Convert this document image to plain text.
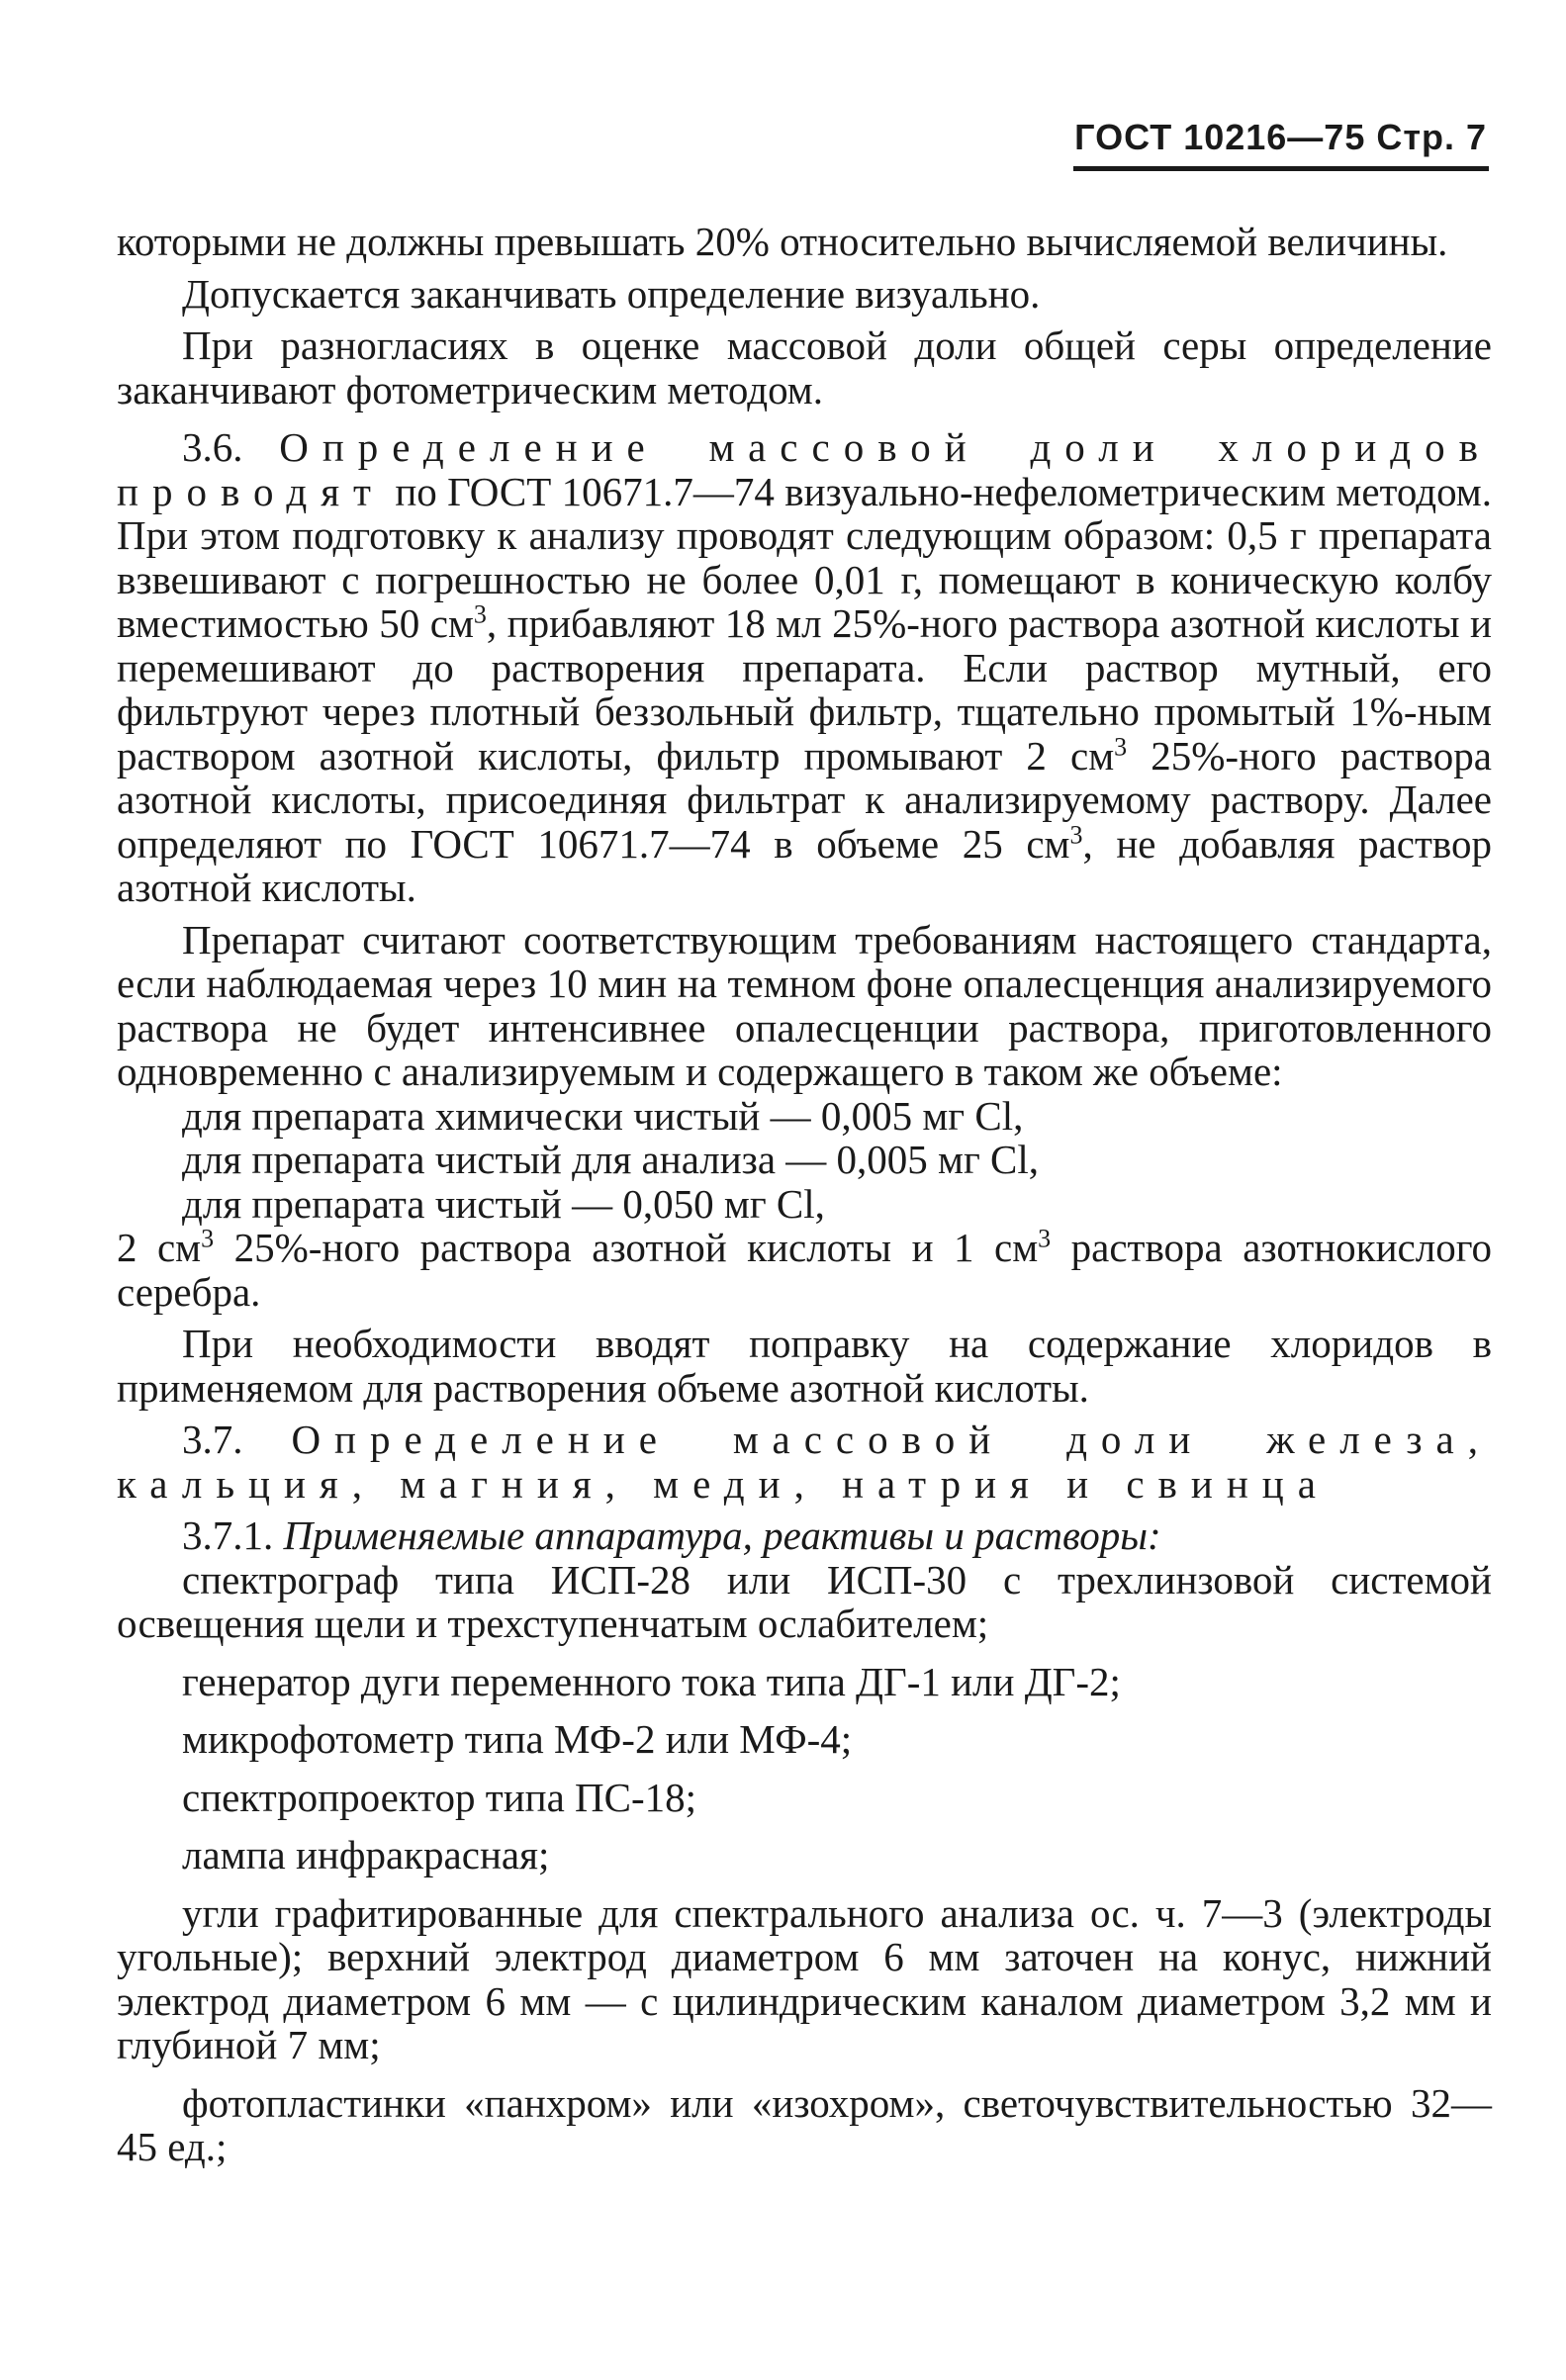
ГОСТ 10216—75 Стр. 7

которыми не должны превышать 20% относительно вычисляемой величины.

Допускается заканчивать определение визуально.

При разногласиях в оценке массовой доли общей серы определение заканчивают фотометрическим методом.

3.6. Определение массовой доли хлоридов проводят по ГОСТ 10671.7—74 визуально-нефелометрическим методом. При этом подготовку к анализу проводят следующим образом: 0,5 г препарата взвешивают с погрешностью не более 0,01 г, помещают в коническую колбу вместимостью 50 $см^3$, прибавляют 18 мл 25%-ного раствора азотной кислоты и перемешивают до растворения препарата. Если раствор мутный, его фильтруют через плотный беззольный фильтр, тщательно промытый 1%-ным раствором азотной кислоты, фильтр промывают 2 $см^3$ 25%-ного раствора азотной кислоты, присоединяя фильтрат к анализируемому раствору. Далее определяют по ГОСТ 10671.7—74 в объеме 25 $см^3$, не добавляя раствор азотной кислоты.

Препарат считают соответствующим требованиям настоящего стандарта, если наблюдаемая через 10 мин на темном фоне опалесценция анализируемого раствора не будет интенсивнее опалесценции раствора, приготовленного одновременно с анализируемым и содержащего в таком же объеме:

для препарата химически чистый — 0,005 мг Cl,

для препарата чистый для анализа — 0,005 мг Cl,

для препарата чистый — 0,050 мг Cl,

2 $см^3$ 25%-ного раствора азотной кислоты и 1 $см^3$ раствора азотнокислого серебра.

При необходимости вводят поправку на содержание хлоридов в применяемом для растворения объеме азотной кислоты.

3.7. Определение массовой доли железа, кальция, магния, меди, натрия и свинца

3.7.1. Применяемые аппаратура, реактивы и растворы:

спектрограф типа ИСП-28 или ИСП-30 с трехлинзовой системой освещения щели и трехступенчатым ослабителем;

генератор дуги переменного тока типа ДГ-1 или ДГ-2;

микрофотометр типа МФ-2 или МФ-4;

спектропроектор типа ПС-18;

лампа инфракрасная;

угли графитированные для спектрального анализа ос. ч. 7—3 (электроды угольные); верхний электрод диаметром 6 мм заточен на конус, нижний электрод диаметром 6 мм — с цилиндрическим каналом диаметром 3,2 мм и глубиной 7 мм;

фотопластинки «панхром» или «изохром», светочувствительностью 32—45 ед.;
